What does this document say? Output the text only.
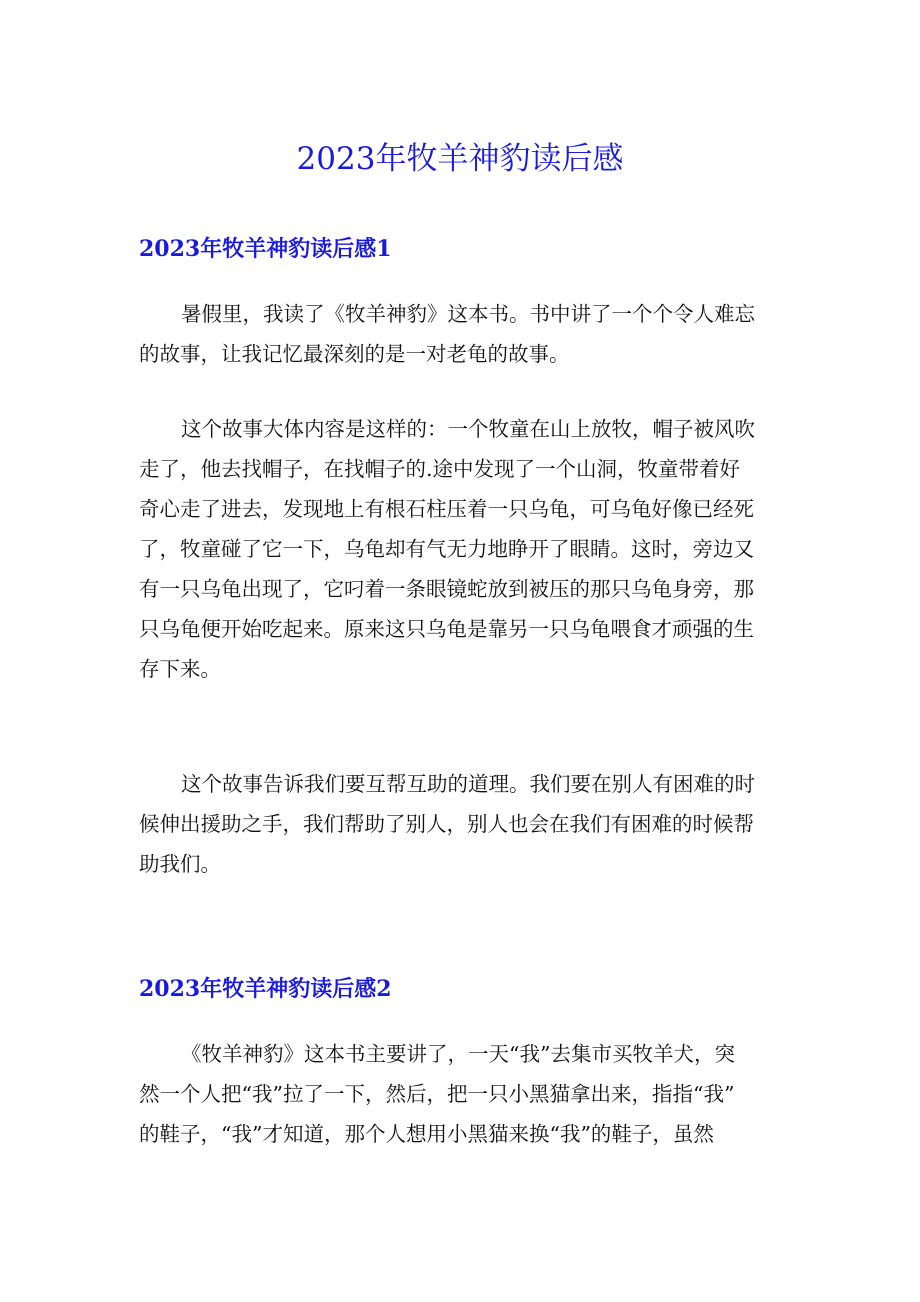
2023年牧羊神豹读后感
2023年牧羊神豹读后感1

暑假里，我读了《牧羊神豹》这本书。书中讲了一个个令人难忘
的故事，让我记忆最深刻的是一对老龟的故事。

这个故事大体内容是这样的：一个牧童在山上放牧，帽子被风吹
走了，他去找帽子，在找帽子的.途中发现了一个山洞，牧童带着好
奇心走了进去，发现地上有根石柱压着一只乌龟，可乌龟好像已经死
了，牧童碰了它一下，乌龟却有气无力地睁开了眼睛。这时，旁边又
有一只乌龟出现了，它叼着一条眼镜蛇放到被压的那只乌龟身旁，那
只乌龟便开始吃起来。原来这只乌龟是靠另一只乌龟喂食才顽强的生
存下来。

这个故事告诉我们要互帮互助的道理。我们要在别人有困难的时
候伸出援助之手，我们帮助了别人，别人也会在我们有困难的时候帮
助我们。

2023年牧羊神豹读后感2

《牧羊神豹》这本书主要讲了，一天“我”去集市买牧羊犬，突
然一个人把“我”拉了一下，然后，把一只小黑猫拿出来，指指“我”
的鞋子，“我”才知道，那个人想用小黑猫来换“我”的鞋子，虽然
